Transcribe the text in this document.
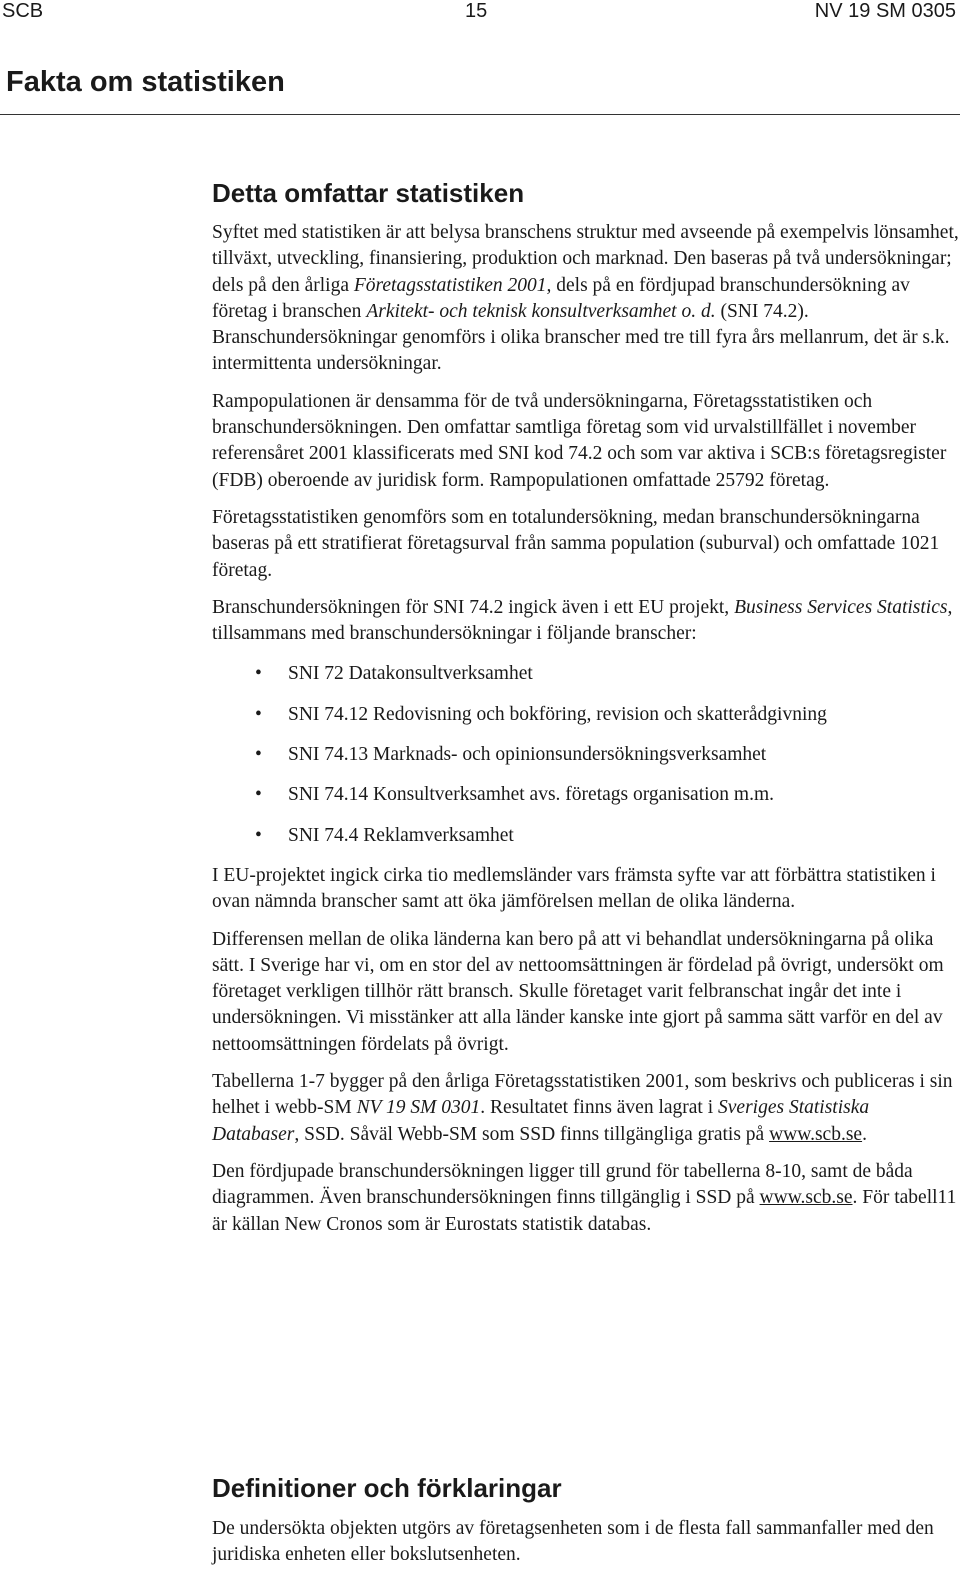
SCB	15	NV 19 SM 0305
Fakta om statistiken
Detta omfattar statistiken

Syftet med statistiken är att belysa branschens struktur med avseende på exempelvis lönsamhet, tillväxt, utveckling, finansiering, produktion och marknad. Den baseras på två undersökningar; dels på den årliga Företagsstatistiken 2001, dels på en fördjupad branschundersökning av företag i branschen Arkitekt- och teknisk konsultverksamhet o. d. (SNI 74.2). Branschundersökningar genomförs i olika branscher med tre till fyra års mellanrum, det är s.k. intermittenta undersökningar.

Rampopulationen är densamma för de två undersökningarna, Företagsstatistiken och branschundersökningen. Den omfattar samtliga företag som vid urvalstillfället i november referensåret 2001 klassificerats med SNI kod 74.2 och som var aktiva i SCB:s företagsregister (FDB) oberoende av juridisk form. Rampopulationen omfattade 25792 företag.

Företagsstatistiken genomförs som en totalundersökning, medan branschundersökningarna baseras på ett stratifierat företagsurval från samma population (suburval) och omfattade 1021 företag.

Branschundersökningen för SNI 74.2 ingick även i ett EU projekt, Business Services Statistics, tillsammans med branschundersökningar i följande branscher:

• SNI 72 Datakonsultverksamhet
• SNI 74.12 Redovisning och bokföring, revision och skatterådgivning
• SNI 74.13 Marknads- och opinionsundersökningsverksamhet
• SNI 74.14 Konsultverksamhet avs. företags organisation m.m.
• SNI 74.4 Reklamverksamhet

I EU-projektet ingick cirka tio medlemsländer vars främsta syfte var att förbättra statistiken i ovan nämnda branscher samt att öka jämförelsen mellan de olika länderna.

Differensen mellan de olika länderna kan bero på att vi behandlat undersökningarna på olika sätt. I Sverige har vi, om en stor del av nettoomsättningen är fördelad på övrigt, undersökt om företaget verkligen tillhör rätt bransch. Skulle företaget varit felbranschat ingår det inte i undersökningen. Vi misstänker att alla länder kanske inte gjort på samma sätt varför en del av nettoomsättningen fördelats på övrigt.

Tabellerna 1-7 bygger på den årliga Företagsstatistiken 2001, som beskrivs och publiceras i sin helhet i webb-SM NV 19 SM 0301. Resultatet finns även lagrat i Sveriges Statistiska Databaser, SSD. Såväl Webb-SM som SSD finns tillgängliga gratis på www.scb.se.

Den fördjupade branschundersökningen ligger till grund för tabellerna 8-10, samt de båda diagrammen. Även branschundersökningen finns tillgänglig i SSD på www.scb.se. För tabell11 är källan New Cronos som är Eurostats statistik databas.

Definitioner och förklaringar

De undersökta objekten utgörs av företagsenheten som i de flesta fall sammanfaller med den juridiska enheten eller bokslutsenheten.
